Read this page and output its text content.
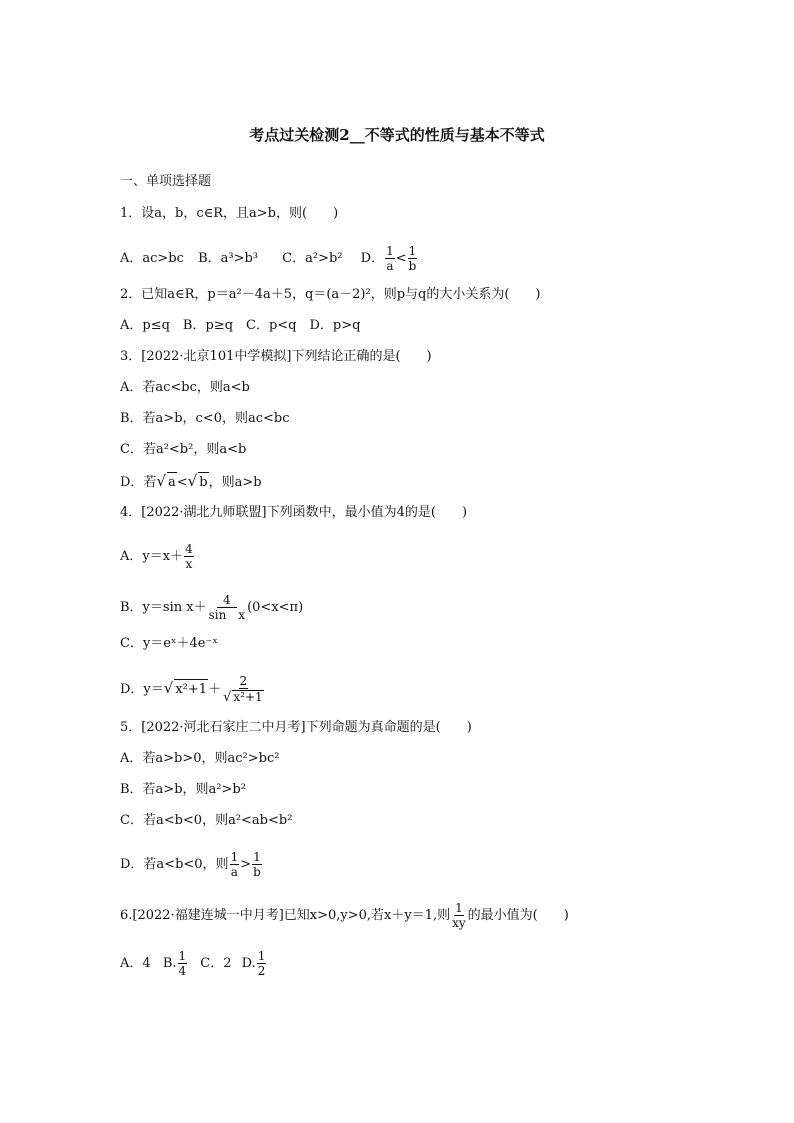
考点过关检测2__不等式的性质与基本不等式
一、单项选择题
1．设a，b，c∈R，且a>b，则(　　)
A．ac>bc B．a³>b³ C．a²>b² D． $\frac{1}{a} < \frac{1}{b}$
2．已知a∈R，p＝a²－4a＋5，q＝(a－2)²，则p与q的大小关系为(　　)
A．p≤q　B．p≥q　C．p<q　D．p>q
3．[2022·北京101中学模拟]下列结论正确的是(　　)
A．若ac<bc，则a<b
B．若a>b，c<0，则ac<bc
C．若a²<b²，则a<b
D．若√ a<√ b，则a>b
4．[2022·湖北九师联盟]下列函数中，最小值为4的是(　　)
A．$y=x+ \frac{4}{x}$
B．y＝sin $x+ \frac{4}{\text{sin　x}} (0<x<\pi)$
C．y＝eˣ＋4e⁻ˣ
D．y＝√ $x^2+1+ \frac{2}{\text{√ x²+1}}$
5．[2022·河北石家庄二中月考]下列命题为真命题的是(　　)
A．若a>b>0，则ac²>bc²
B．若a>b，则a²>b²
C．若a<b<0，则a²<ab<b²
D．若a<b<0，则 $\frac{1}{a} > \frac{1}{b}$
6.[2022·福建连城一中月考]已知x>0,y>0,若x＋y＝1,则 $\frac{1}{xy}$ 的最小值为(　　)
A．4 B. $\frac{1}{4}$ C．2 D. $\frac{1}{2}$
